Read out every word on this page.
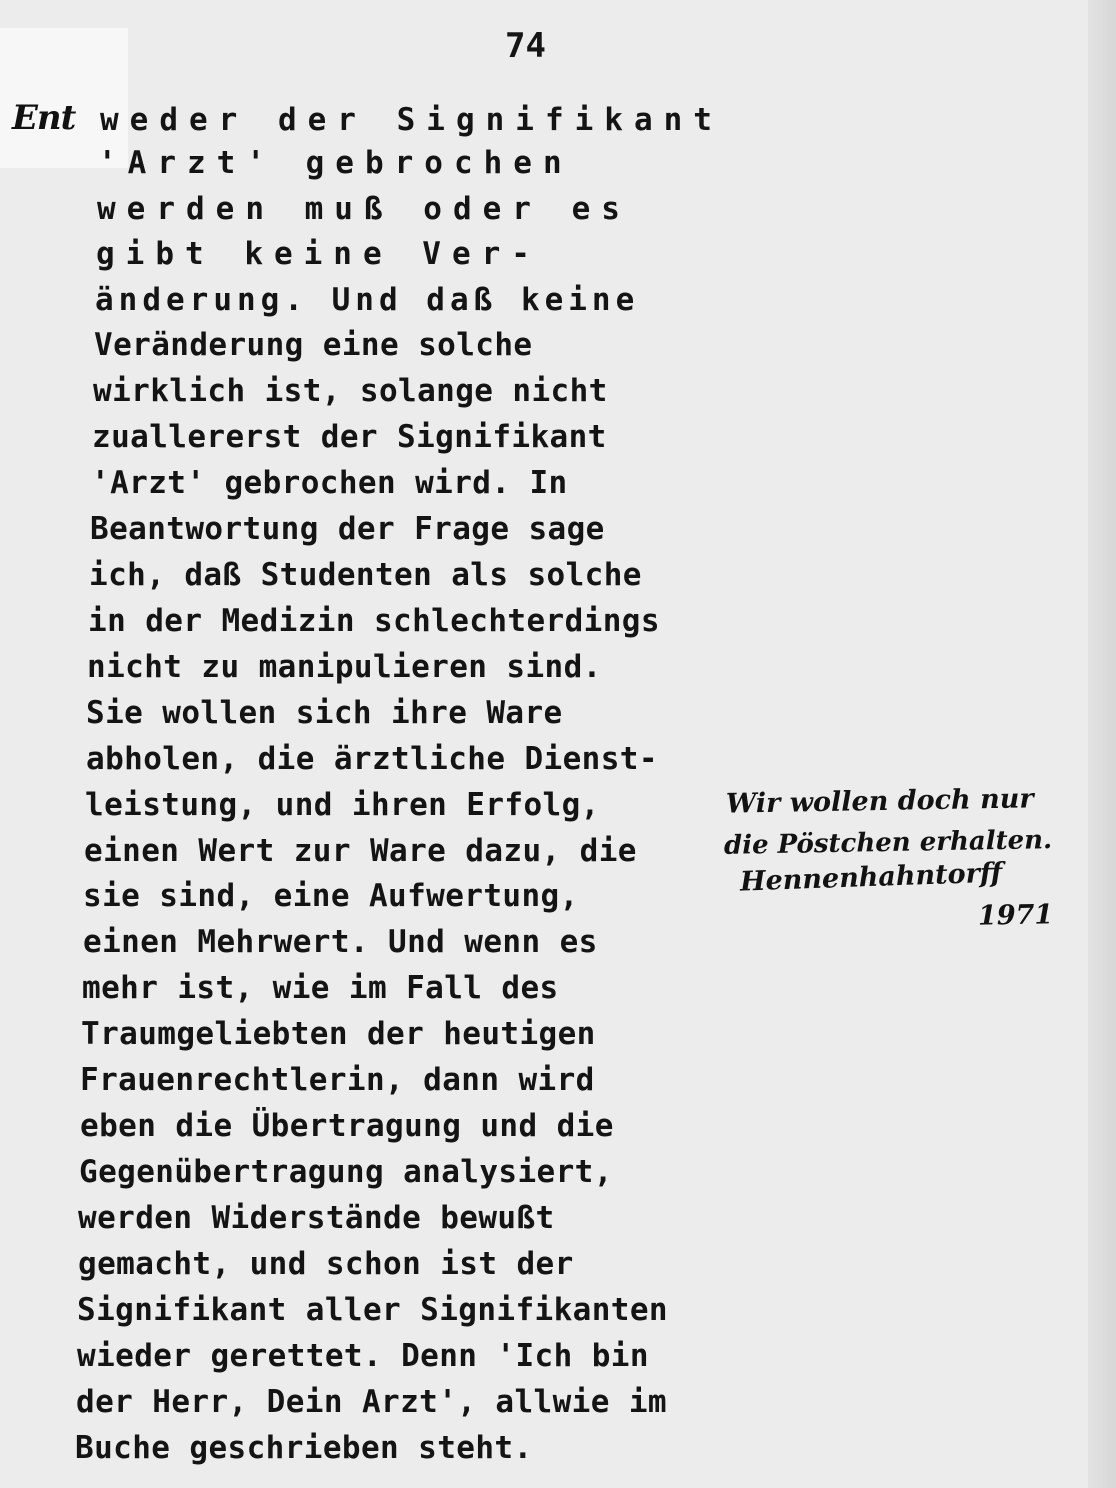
74
Ent weder der Signifikant
'Arzt' gebrochen
werden muß oder es
gibt keine Ver-
änderung. Und daß keine
Veränderung eine solche
wirklich ist, solange nicht
zuallererst der Signifikant
'Arzt' gebrochen wird. In
Beantwortung der Frage sage
ich, daß Studenten als solche
in der Medizin schlechterdings
nicht zu manipulieren sind.
Sie wollen sich ihre Ware
abholen, die ärztliche Dienst-
leistung, und ihren Erfolg,
einen Wert zur Ware dazu, die
sie sind, eine Aufwertung,
einen Mehrwert. Und wenn es
mehr ist, wie im Fall des
Traumgeliebten der heutigen
Frauenrechtlerin, dann wird
eben die Übertragung und die
Gegenübertragung analysiert,
werden Widerstände bewußt
gemacht, und schon ist der
Signifikant aller Signifikanten
wieder gerettet. Denn 'Ich bin
der Herr, Dein Arzt', allwie im
Buche geschrieben steht.
Wir wollen doch nur
die Pöstchen erhalten.
Hennenhahntorff
1971
